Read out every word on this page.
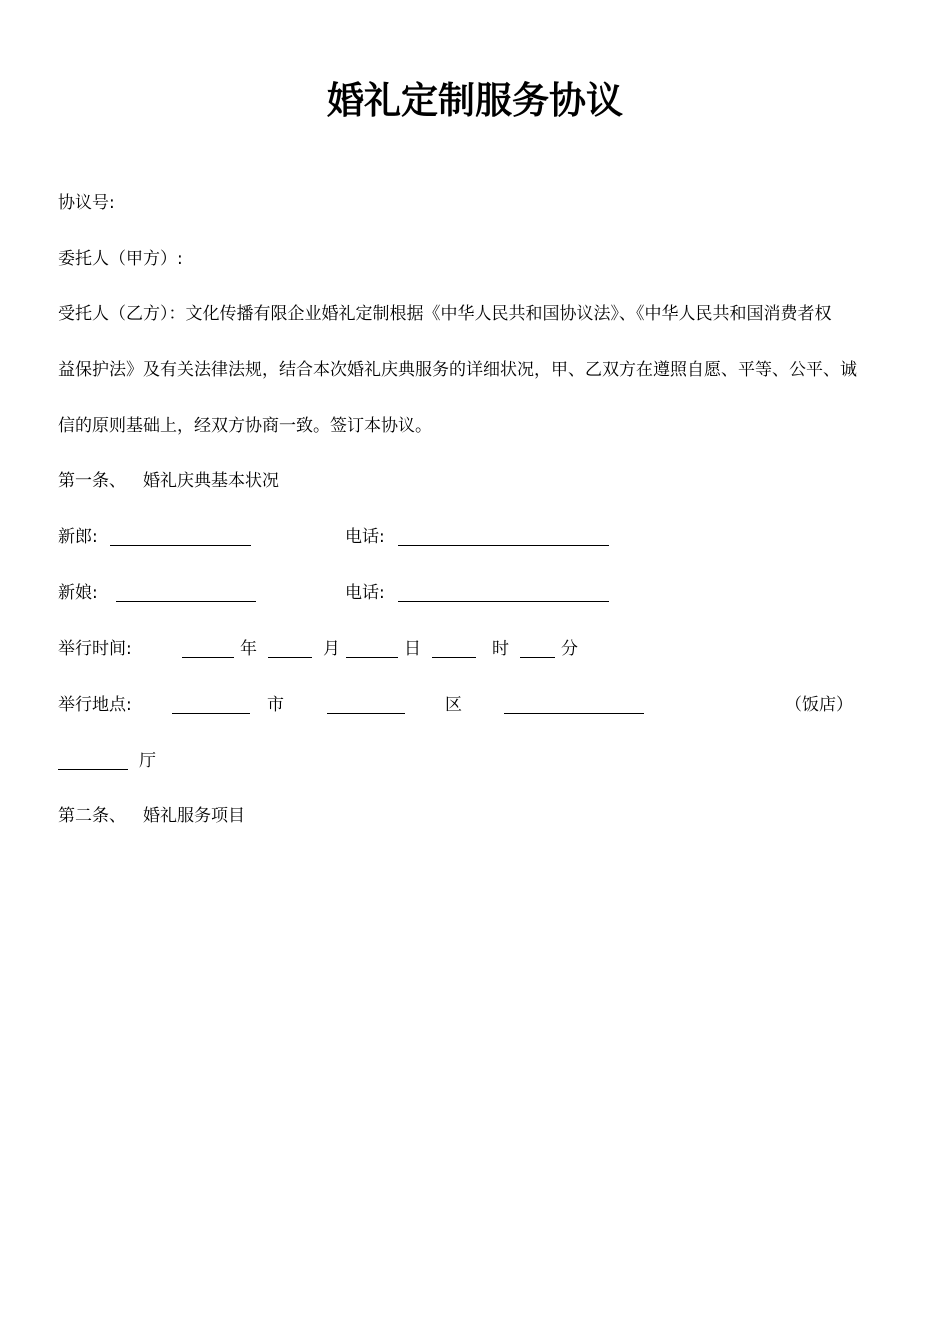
婚礼定制服务协议
协议号:
委托人（甲方）:
受托人（乙方）：文化传播有限企业婚礼定制根据《中华人民共和国协议法》、《中华人民共和国消费者权
益保护法》及有关法律法规，结合本次婚礼庆典服务的详细状况，甲、乙双方在遵照自愿、平等、公平、诚
信的原则基础上，经双方协商一致。签订本协议。
第一条、 婚礼庆典基本状况
新郎:	电话:
新娘:	电话:
举行时间:	年	月	日	时	分
举行地点:	市	区	（饭店）
厅
第二条、 婚礼服务项目
